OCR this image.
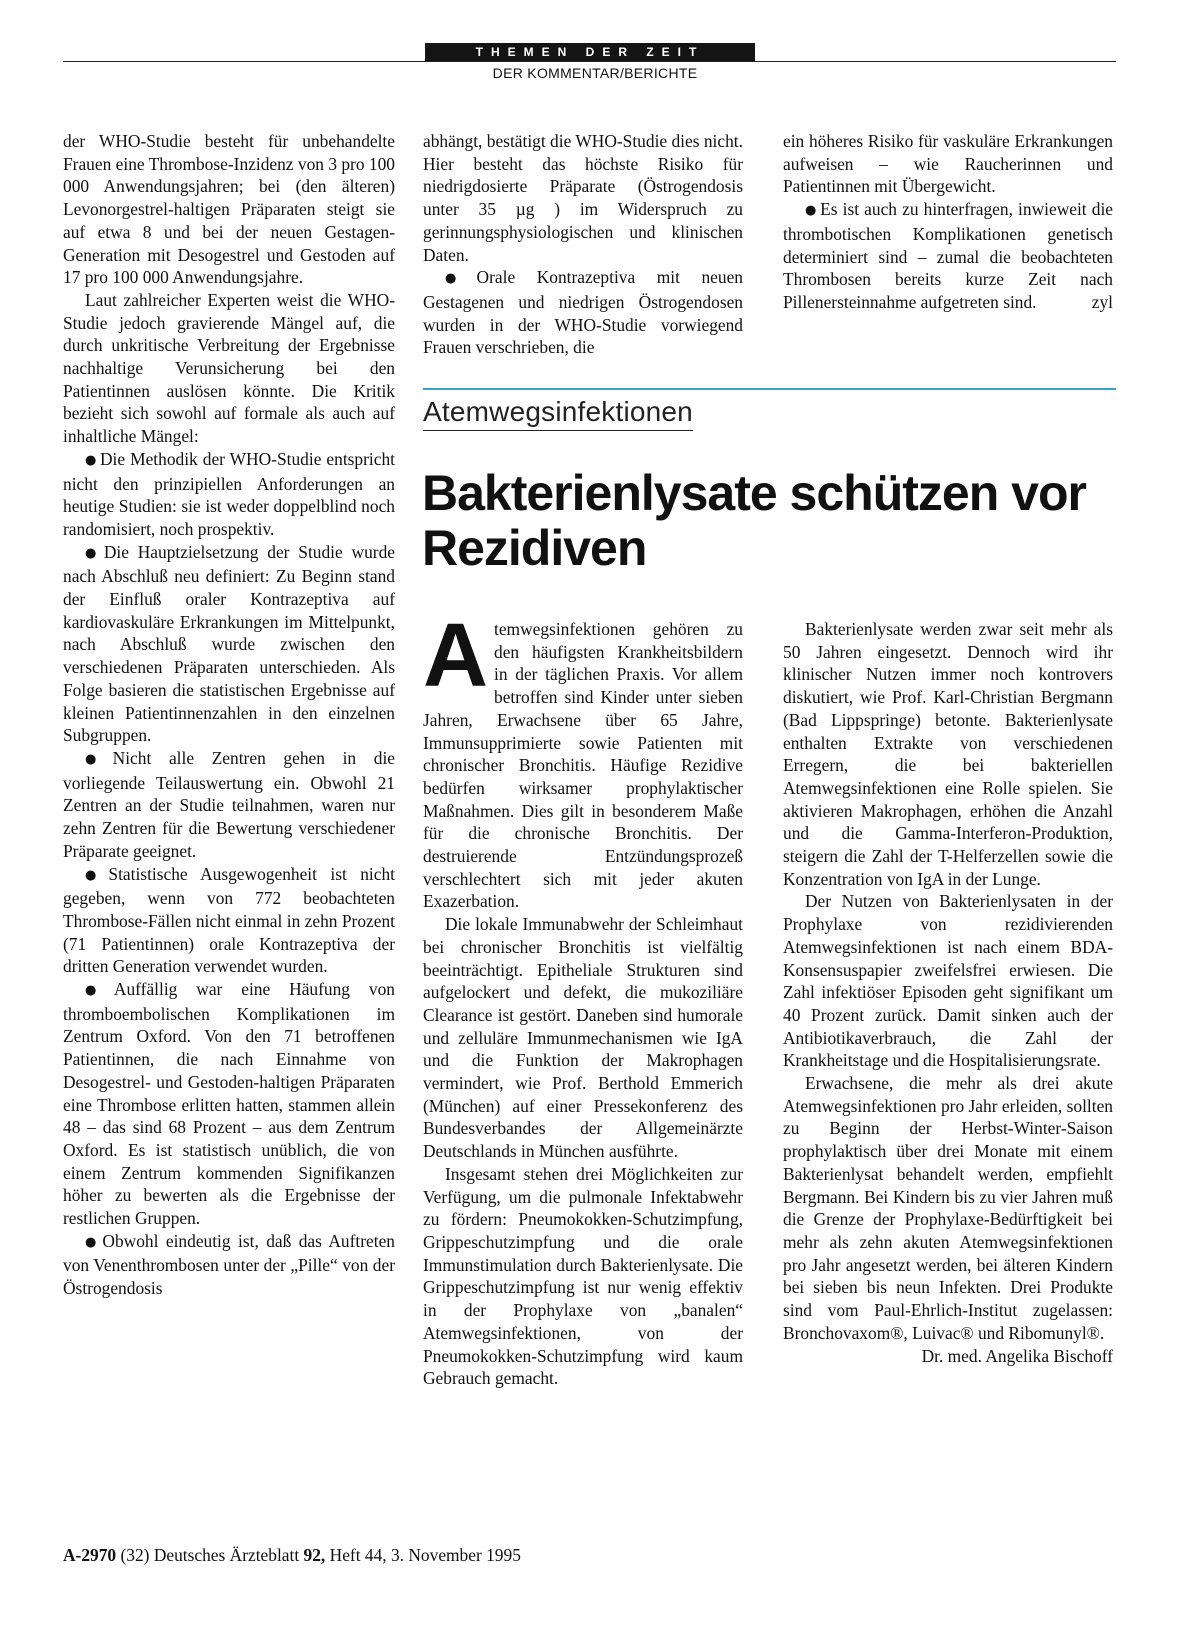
THEMEN DER ZEIT
DER KOMMENTAR/BERICHTE

der WHO-Studie besteht für unbehandelte Frauen eine Thrombose-Inzidenz von 3 pro 100 000 Anwendungsjahren; bei (den älteren) Levonorgestrel-haltigen Präparaten steigt sie auf etwa 8 und bei der neuen Gestagen-Generation mit Desogestrel und Gestoden auf 17 pro 100 000 Anwendungsjahre.

Laut zahlreicher Experten weist die WHO-Studie jedoch gravierende Mängel auf, die durch unkritische Verbreitung der Ergebnisse nachhaltige Verunsicherung bei den Patientinnen auslösen könnte. Die Kritik bezieht sich sowohl auf formale als auch auf inhaltliche Mängel:

● Die Methodik der WHO-Studie entspricht nicht den prinzipiellen Anforderungen an heutige Studien: sie ist weder doppelblind noch randomisiert, noch prospektiv.

● Die Hauptzielsetzung der Studie wurde nach Abschluß neu definiert: Zu Beginn stand der Einfluß oraler Kontrazeptiva auf kardiovaskuläre Erkrankungen im Mittelpunkt, nach Abschluß wurde zwischen den verschiedenen Präparaten unterschieden. Als Folge basieren die statistischen Ergebnisse auf kleinen Patientinnenzahlen in den einzelnen Subgruppen.

● Nicht alle Zentren gehen in die vorliegende Teilauswertung ein. Obwohl 21 Zentren an der Studie teilnahmen, waren nur zehn Zentren für die Bewertung verschiedener Präparate geeignet.

● Statistische Ausgewogenheit ist nicht gegeben, wenn von 772 beobachteten Thrombose-Fällen nicht einmal in zehn Prozent (71 Patientinnen) orale Kontrazeptiva der dritten Generation verwendet wurden.

● Auffällig war eine Häufung von thromboembolischen Komplikationen im Zentrum Oxford. Von den 71 betroffenen Patientinnen, die nach Einnahme von Desogestrel- und Gestoden-haltigen Präparaten eine Thrombose erlitten hatten, stammen allein 48 – das sind 68 Prozent – aus dem Zentrum Oxford. Es ist statistisch unüblich, die von einem Zentrum kommenden Signifikanzen höher zu bewerten als die Ergebnisse der restlichen Gruppen.

● Obwohl eindeutig ist, daß das Auftreten von Venenthrombosen unter der „Pille“ von der Östrogendosis

abhängt, bestätigt die WHO-Studie dies nicht. Hier besteht das höchste Risiko für niedrigdosierte Präparate (Östrogendosis unter 35 µg ) im Widerspruch zu gerinnungsphysiologischen und klinischen Daten.

● Orale Kontrazeptiva mit neuen Gestagenen und niedrigen Östrogendosen wurden in der WHO-Studie vorwiegend Frauen verschrieben, die

ein höheres Risiko für vaskuläre Erkrankungen aufweisen – wie Raucherinnen und Patientinnen mit Übergewicht.

● Es ist auch zu hinterfragen, inwieweit die thrombotischen Komplikationen genetisch determiniert sind – zumal die beobachteten Thrombosen bereits kurze Zeit nach Pillenersteinnahme aufgetreten sind.	zyl

Atemwegsinfektionen
Bakterienlysate schützen vor Rezidiven

Atemwegsinfektionen gehören zu den häufigsten Krankheitsbildern in der täglichen Praxis. Vor allem betroffen sind Kinder unter sieben Jahren, Erwachsene über 65 Jahre, Immunsupprimierte sowie Patienten mit chronischer Bronchitis. Häufige Rezidive bedürfen wirksamer prophylaktischer Maßnahmen. Dies gilt in besonderem Maße für die chronische Bronchitis. Der destruierende Entzündungsprozeß verschlechtert sich mit jeder akuten Exazerbation.

Die lokale Immunabwehr der Schleimhaut bei chronischer Bronchitis ist vielfältig beeinträchtigt. Epitheliale Strukturen sind aufgelockert und defekt, die mukoziliäre Clearance ist gestört. Daneben sind humorale und zelluläre Immunmechanismen wie IgA und die Funktion der Makrophagen vermindert, wie Prof. Berthold Emmerich (München) auf einer Pressekonferenz des Bundesverbandes der Allgemeinärzte Deutschlands in München ausführte.

Insgesamt stehen drei Möglichkeiten zur Verfügung, um die pulmonale Infektabwehr zu fördern: Pneumokokken-Schutzimpfung, Grippeschutzimpfung und die orale Immunstimulation durch Bakterienlysate. Die Grippeschutzimpfung ist nur wenig effektiv in der Prophylaxe von „banalen“ Atemwegsinfektionen, von der Pneumokokken-Schutzimpfung wird kaum Gebrauch gemacht.

Bakterienlysate werden zwar seit mehr als 50 Jahren eingesetzt. Dennoch wird ihr klinischer Nutzen immer noch kontrovers diskutiert, wie Prof. Karl-Christian Bergmann (Bad Lippspringe) betonte. Bakterienlysate enthalten Extrakte von verschiedenen Erregern, die bei bakteriellen Atemwegsinfektionen eine Rolle spielen. Sie aktivieren Makrophagen, erhöhen die Anzahl und die Gamma-Interferon-Produktion, steigern die Zahl der T-Helferzellen sowie die Konzentration von IgA in der Lunge.

Der Nutzen von Bakterienlysaten in der Prophylaxe von rezidivierenden Atemwegsinfektionen ist nach einem BDA-Konsensuspapier zweifelsfrei erwiesen. Die Zahl infektiöser Episoden geht signifikant um 40 Prozent zurück. Damit sinken auch der Antibiotikaverbrauch, die Zahl der Krankheitstage und die Hospitalisierungsrate.

Erwachsene, die mehr als drei akute Atemwegsinfektionen pro Jahr erleiden, sollten zu Beginn der Herbst-Winter-Saison prophylaktisch über drei Monate mit einem Bakterienlysat behandelt werden, empfiehlt Bergmann. Bei Kindern bis zu vier Jahren muß die Grenze der Prophylaxe-Bedürftigkeit bei mehr als zehn akuten Atemwegsinfektionen pro Jahr angesetzt werden, bei älteren Kindern bei sieben bis neun Infekten. Drei Produkte sind vom Paul-Ehrlich-Institut zugelassen: Bronchovaxom®, Luivac® und Ribomunyl®.

Dr. med. Angelika Bischoff

A-2970 (32) Deutsches Ärzteblatt 92, Heft 44, 3. November 1995
